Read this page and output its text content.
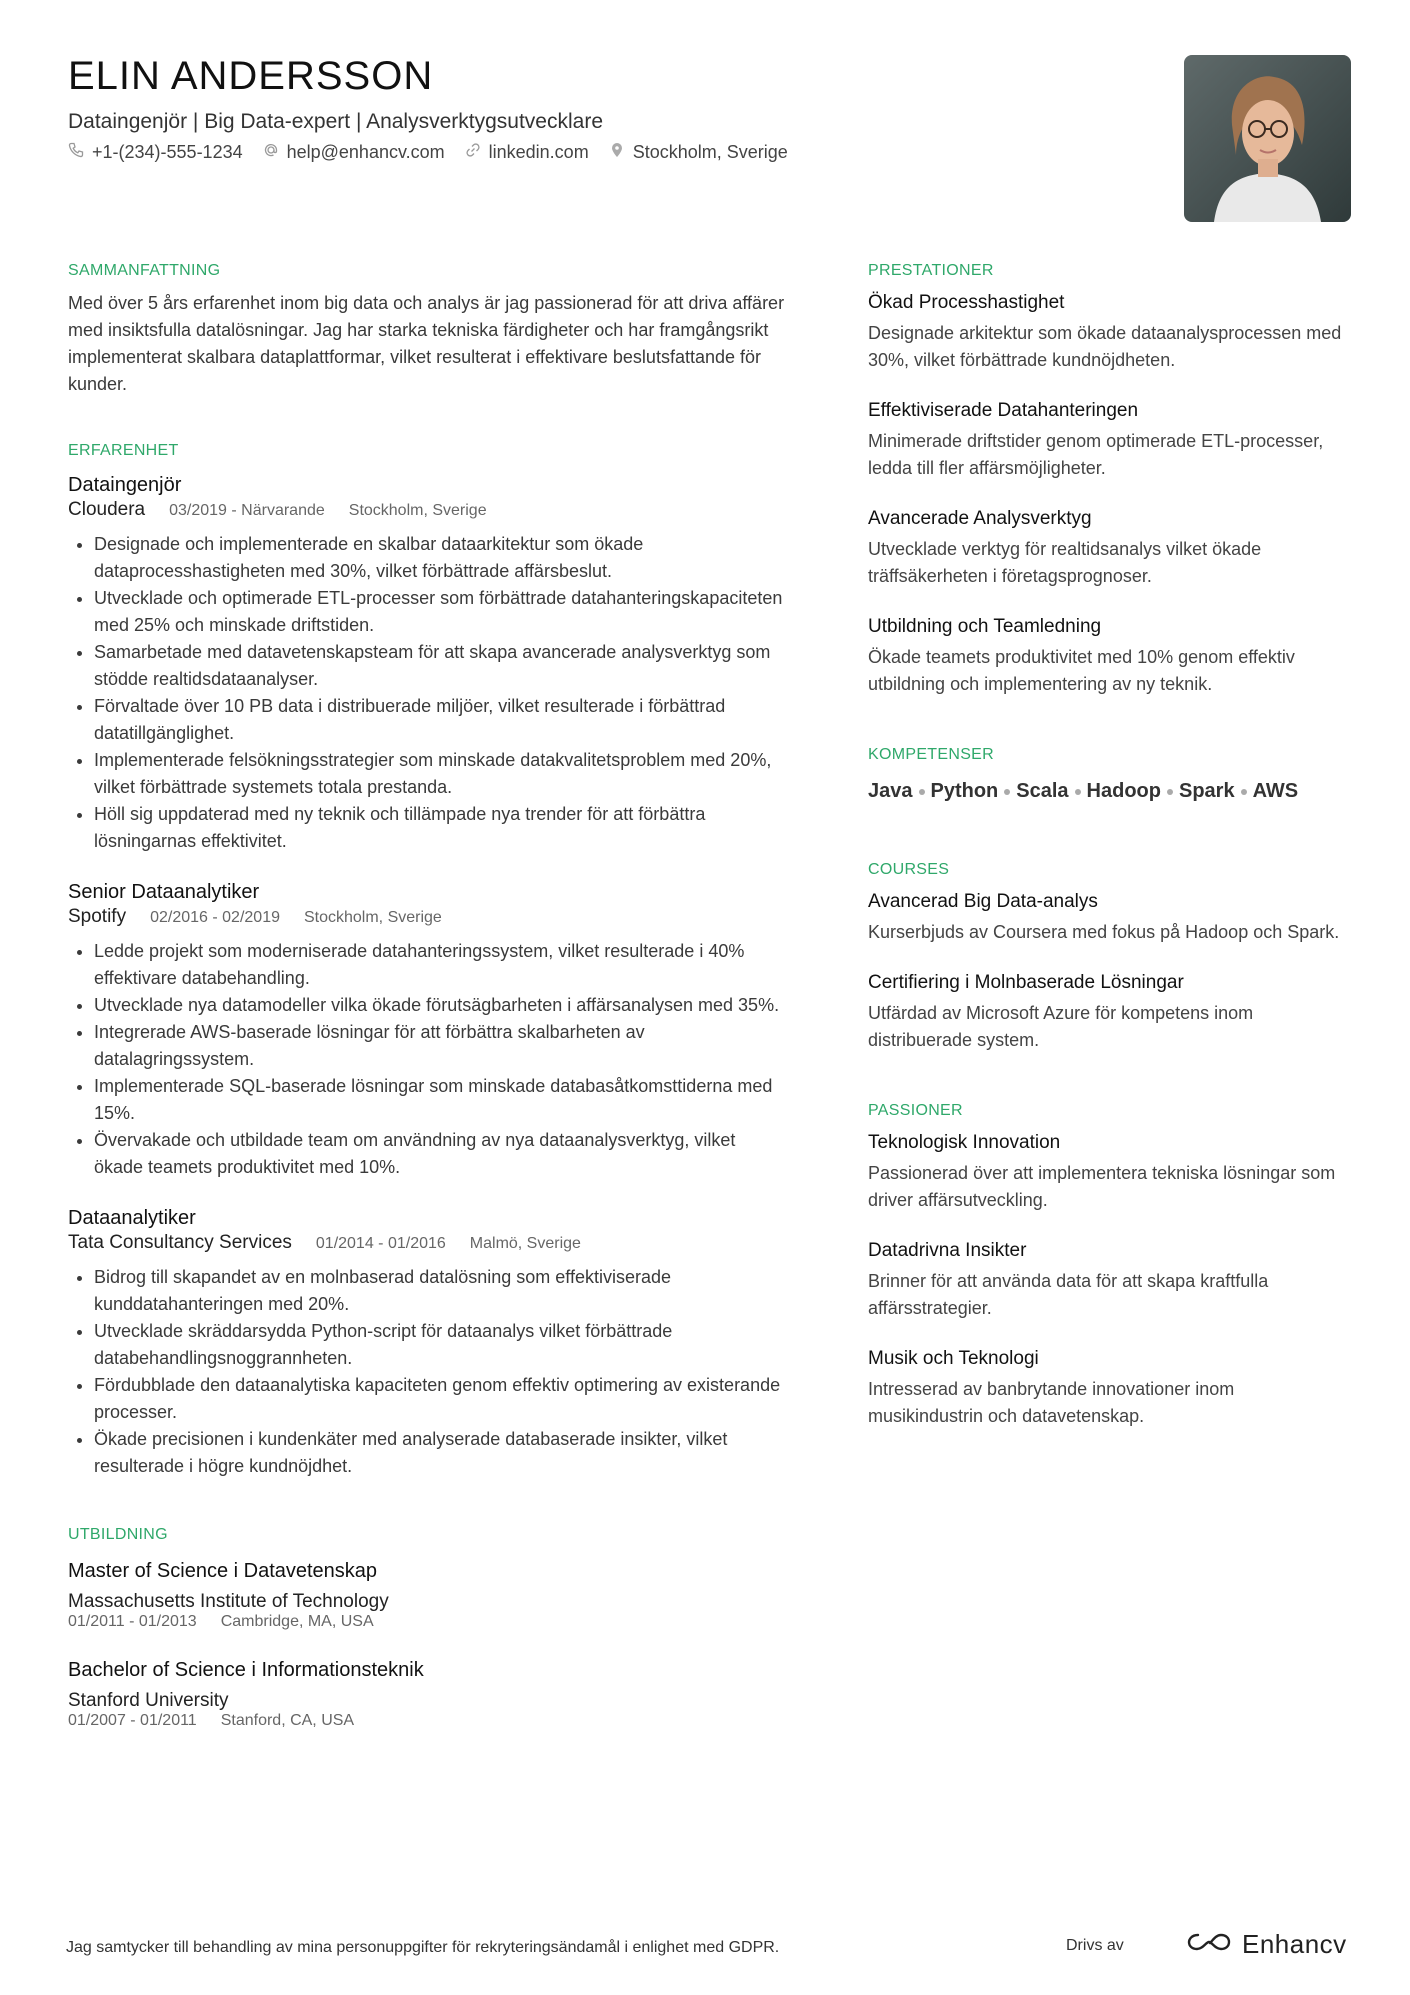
ELIN ANDERSSON
Dataingenjör | Big Data-expert | Analysverktygsutvecklare
+1-(234)-555-1234 help@enhancv.com linkedin.com Stockholm, Sverige
SAMMANFATTNING
Med över 5 års erfarenhet inom big data och analys är jag passionerad för att driva affärer med insiktsfulla datalösningar. Jag har starka tekniska färdigheter och har framgångsrikt implementerat skalbara dataplattformar, vilket resulterat i effektivare beslutsfattande för kunder.
ERFARENHET
Dataingenjör
Cloudera 03/2019 - Närvarande Stockholm, Sverige
• Designade och implementerade en skalbar dataarkitektur som ökade dataprocesshastigheten med 30%, vilket förbättrade affärsbeslut.
• Utvecklade och optimerade ETL-processer som förbättrade datahanteringskapaciteten med 25% och minskade driftstiden.
• Samarbetade med datavetenskapsteam för att skapa avancerade analysverktyg som stödde realtidsdataanalyser.
• Förvaltade över 10 PB data i distribuerade miljöer, vilket resulterade i förbättrad datatillgänglighet.
• Implementerade felsökningsstrategier som minskade datakvalitetsproblem med 20%, vilket förbättrade systemets totala prestanda.
• Höll sig uppdaterad med ny teknik och tillämpade nya trender för att förbättra lösningarnas effektivitet.
Senior Dataanalytiker
Spotify 02/2016 - 02/2019 Stockholm, Sverige
• Ledde projekt som moderniserade datahanteringssystem, vilket resulterade i 40% effektivare databehandling.
• Utvecklade nya datamodeller vilka ökade förutsägbarheten i affärsanalysen med 35%.
• Integrerade AWS-baserade lösningar för att förbättra skalbarheten av datalagringssystem.
• Implementerade SQL-baserade lösningar som minskade databasåtkomsttiderna med 15%.
• Övervakade och utbildade team om användning av nya dataanalysverktyg, vilket ökade teamets produktivitet med 10%.
Dataanalytiker
Tata Consultancy Services 01/2014 - 01/2016 Malmö, Sverige
• Bidrog till skapandet av en molnbaserad datalösning som effektiviserade kunddatahanteringen med 20%.
• Utvecklade skräddarsydda Python-script för dataanalys vilket förbättrade databehandlingsnoggrannheten.
• Fördubblade den dataanalytiska kapaciteten genom effektiv optimering av existerande processer.
• Ökade precisionen i kundenkäter med analyserade databaserade insikter, vilket resulterade i högre kundnöjdhet.
UTBILDNING
Master of Science i Datavetenskap
Massachusetts Institute of Technology
01/2011 - 01/2013 Cambridge, MA, USA
Bachelor of Science i Informationsteknik
Stanford University
01/2007 - 01/2011 Stanford, CA, USA
PRESTATIONER
Ökad Processhastighet
Designade arkitektur som ökade dataanalysprocessen med 30%, vilket förbättrade kundnöjdheten.
Effektiviserade Datahanteringen
Minimerade driftstider genom optimerade ETL-processer, ledda till fler affärsmöjligheter.
Avancerade Analysverktyg
Utvecklade verktyg för realtidsanalys vilket ökade träffsäkerheten i företagsprognoser.
Utbildning och Teamledning
Ökade teamets produktivitet med 10% genom effektiv utbildning och implementering av ny teknik.
KOMPETENSER
Java Python Scala Hadoop Spark AWS
COURSES
Avancerad Big Data-analys
Kurserbjuds av Coursera med fokus på Hadoop och Spark.
Certifiering i Molnbaserade Lösningar
Utfärdad av Microsoft Azure för kompetens inom distribuerade system.
PASSIONER
Teknologisk Innovation
Passionerad över att implementera tekniska lösningar som driver affärsutveckling.
Datadrivna Insikter
Brinner för att använda data för att skapa kraftfulla affärsstrategier.
Musik och Teknologi
Intresserad av banbrytande innovationer inom musikindustrin och datavetenskap.
Jag samtycker till behandling av mina personuppgifter för rekryteringsändamål i enlighet med GDPR.	Drivs av	Enhancv
